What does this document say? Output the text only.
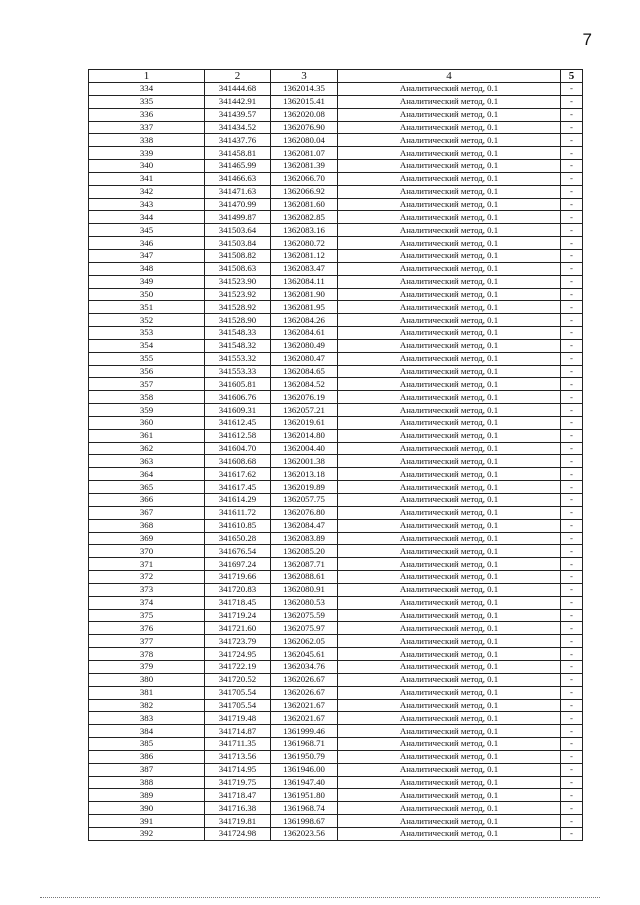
7
1	2	3	4	5
334	341444.68	1362014.35	Аналитический метод, 0.1	-
335	341442.91	1362015.41	Аналитический метод, 0.1	-
336	341439.57	1362020.08	Аналитический метод, 0.1	-
337	341434.52	1362076.90	Аналитический метод, 0.1	-
338	341437.76	1362080.04	Аналитический метод, 0.1	-
339	341458.81	1362081.07	Аналитический метод, 0.1	-
340	341465.99	1362081.39	Аналитический метод, 0.1	-
341	341466.63	1362066.70	Аналитический метод, 0.1	-
342	341471.63	1362066.92	Аналитический метод, 0.1	-
343	341470.99	1362081.60	Аналитический метод, 0.1	-
344	341499.87	1362082.85	Аналитический метод, 0.1	-
345	341503.64	1362083.16	Аналитический метод, 0.1	-
346	341503.84	1362080.72	Аналитический метод, 0.1	-
347	341508.82	1362081.12	Аналитический метод, 0.1	-
348	341508.63	1362083.47	Аналитический метод, 0.1	-
349	341523.90	1362084.11	Аналитический метод, 0.1	-
350	341523.92	1362081.90	Аналитический метод, 0.1	-
351	341528.92	1362081.95	Аналитический метод, 0.1	-
352	341528.90	1362084.26	Аналитический метод, 0.1	-
353	341548.33	1362084.61	Аналитический метод, 0.1	-
354	341548.32	1362080.49	Аналитический метод, 0.1	-
355	341553.32	1362080.47	Аналитический метод, 0.1	-
356	341553.33	1362084.65	Аналитический метод, 0.1	-
357	341605.81	1362084.52	Аналитический метод, 0.1	-
358	341606.76	1362076.19	Аналитический метод, 0.1	-
359	341609.31	1362057.21	Аналитический метод, 0.1	-
360	341612.45	1362019.61	Аналитический метод, 0.1	-
361	341612.58	1362014.80	Аналитический метод, 0.1	-
362	341604.70	1362004.40	Аналитический метод, 0.1	-
363	341608.68	1362001.38	Аналитический метод, 0.1	-
364	341617.62	1362013.18	Аналитический метод, 0.1	-
365	341617.45	1362019.89	Аналитический метод, 0.1	-
366	341614.29	1362057.75	Аналитический метод, 0.1	-
367	341611.72	1362076.80	Аналитический метод, 0.1	-
368	341610.85	1362084.47	Аналитический метод, 0.1	-
369	341650.28	1362083.89	Аналитический метод, 0.1	-
370	341676.54	1362085.20	Аналитический метод, 0.1	-
371	341697.24	1362087.71	Аналитический метод, 0.1	-
372	341719.66	1362088.61	Аналитический метод, 0.1	-
373	341720.83	1362080.91	Аналитический метод, 0.1	-
374	341718.45	1362080.53	Аналитический метод, 0.1	-
375	341719.24	1362075.59	Аналитический метод, 0.1	-
376	341721.60	1362075.97	Аналитический метод, 0.1	-
377	341723.79	1362062.05	Аналитический метод, 0.1	-
378	341724.95	1362045.61	Аналитический метод, 0.1	-
379	341722.19	1362034.76	Аналитический метод, 0.1	-
380	341720.52	1362026.67	Аналитический метод, 0.1	-
381	341705.54	1362026.67	Аналитический метод, 0.1	-
382	341705.54	1362021.67	Аналитический метод, 0.1	-
383	341719.48	1362021.67	Аналитический метод, 0.1	-
384	341714.87	1361999.46	Аналитический метод, 0.1	-
385	341711.35	1361968.71	Аналитический метод, 0.1	-
386	341713.56	1361950.79	Аналитический метод, 0.1	-
387	341714.95	1361946.00	Аналитический метод, 0.1	-
388	341719.75	1361947.40	Аналитический метод, 0.1	-
389	341718.47	1361951.80	Аналитический метод, 0.1	-
390	341716.38	1361968.74	Аналитический метод, 0.1	-
391	341719.81	1361998.67	Аналитический метод, 0.1	-
392	341724.98	1362023.56	Аналитический метод, 0.1	-
